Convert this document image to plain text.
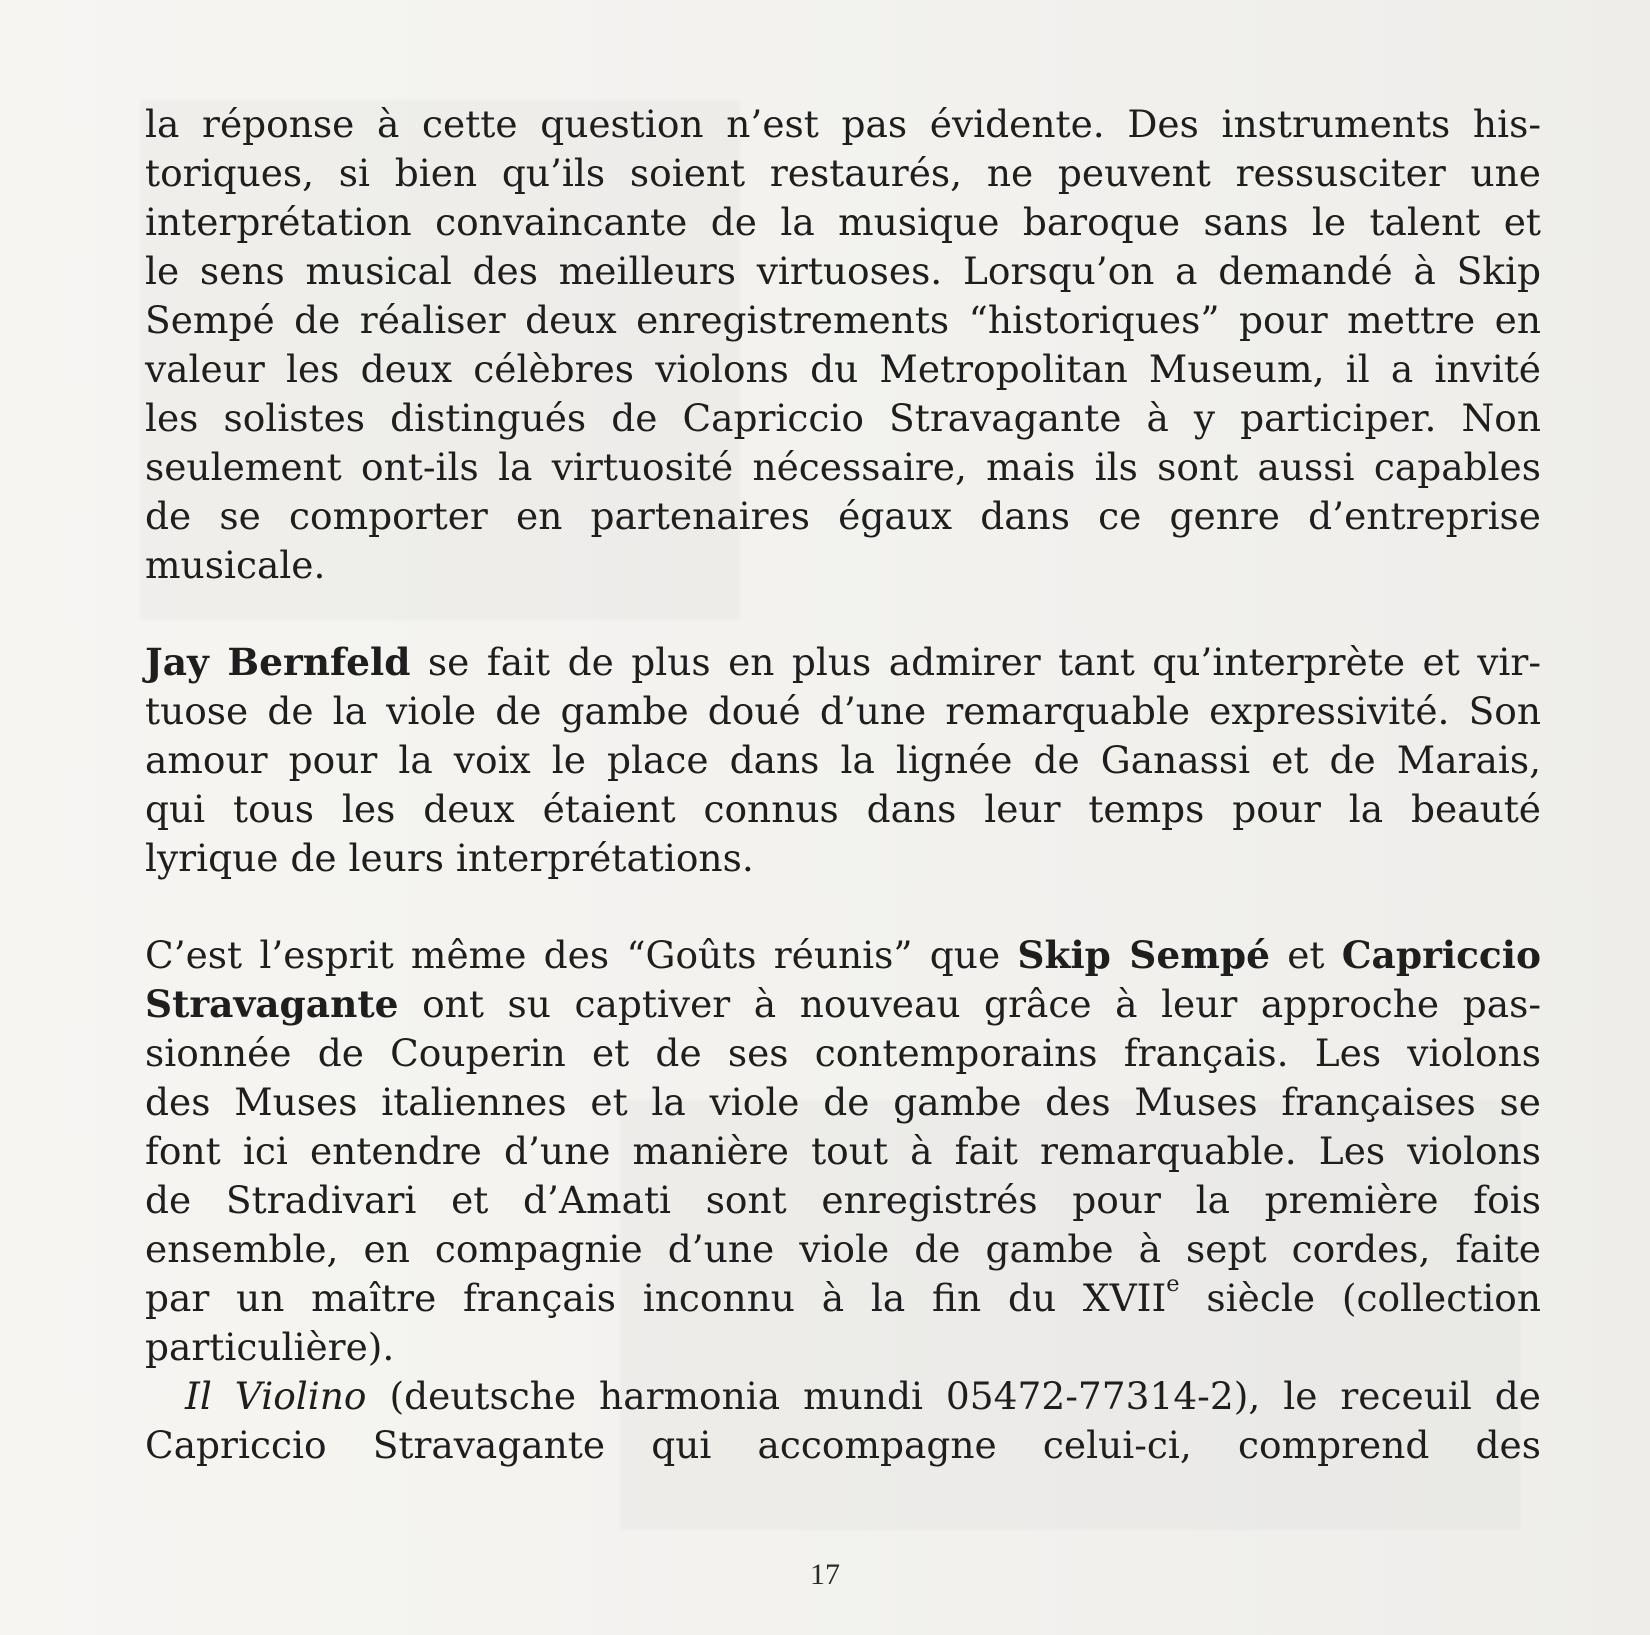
la réponse à cette question n’est pas évidente. Des instruments his-
toriques, si bien qu’ils soient restaurés, ne peuvent ressusciter une
interprétation convaincante de la musique baroque sans le talent et
le sens musical des meilleurs virtuoses. Lorsqu’on a demandé à Skip
Sempé de réaliser deux enregistrements “historiques” pour mettre en
valeur les deux célèbres violons du Metropolitan Museum, il a invité
les solistes distingués de Capriccio Stravagante à y participer. Non
seulement ont-ils la virtuosité nécessaire, mais ils sont aussi capables
de se comporter en partenaires égaux dans ce genre d’entreprise
musicale.
Jay Bernfeld se fait de plus en plus admirer tant qu’interprète et vir-
tuose de la viole de gambe doué d’une remarquable expressivité. Son
amour pour la voix le place dans la lignée de Ganassi et de Marais,
qui tous les deux étaient connus dans leur temps pour la beauté
lyrique de leurs interprétations.
C’est l’esprit même des “Goûts réunis” que Skip Sempé et Capriccio
Stravagante ont su captiver à nouveau grâce à leur approche pas-
sionnée de Couperin et de ses contemporains français. Les violons
des Muses italiennes et la viole de gambe des Muses françaises se
font ici entendre d’une manière tout à fait remarquable. Les violons
de Stradivari et d’Amati sont enregistrés pour la première fois
ensemble, en compagnie d’une viole de gambe à sept cordes, faite
par un maître français inconnu à la fin du XVIIe siècle (collection
particulière).
Il Violino (deutsche harmonia mundi 05472-77314-2), le receuil de
Capriccio Stravagante qui accompagne celui-ci, comprend des
17
